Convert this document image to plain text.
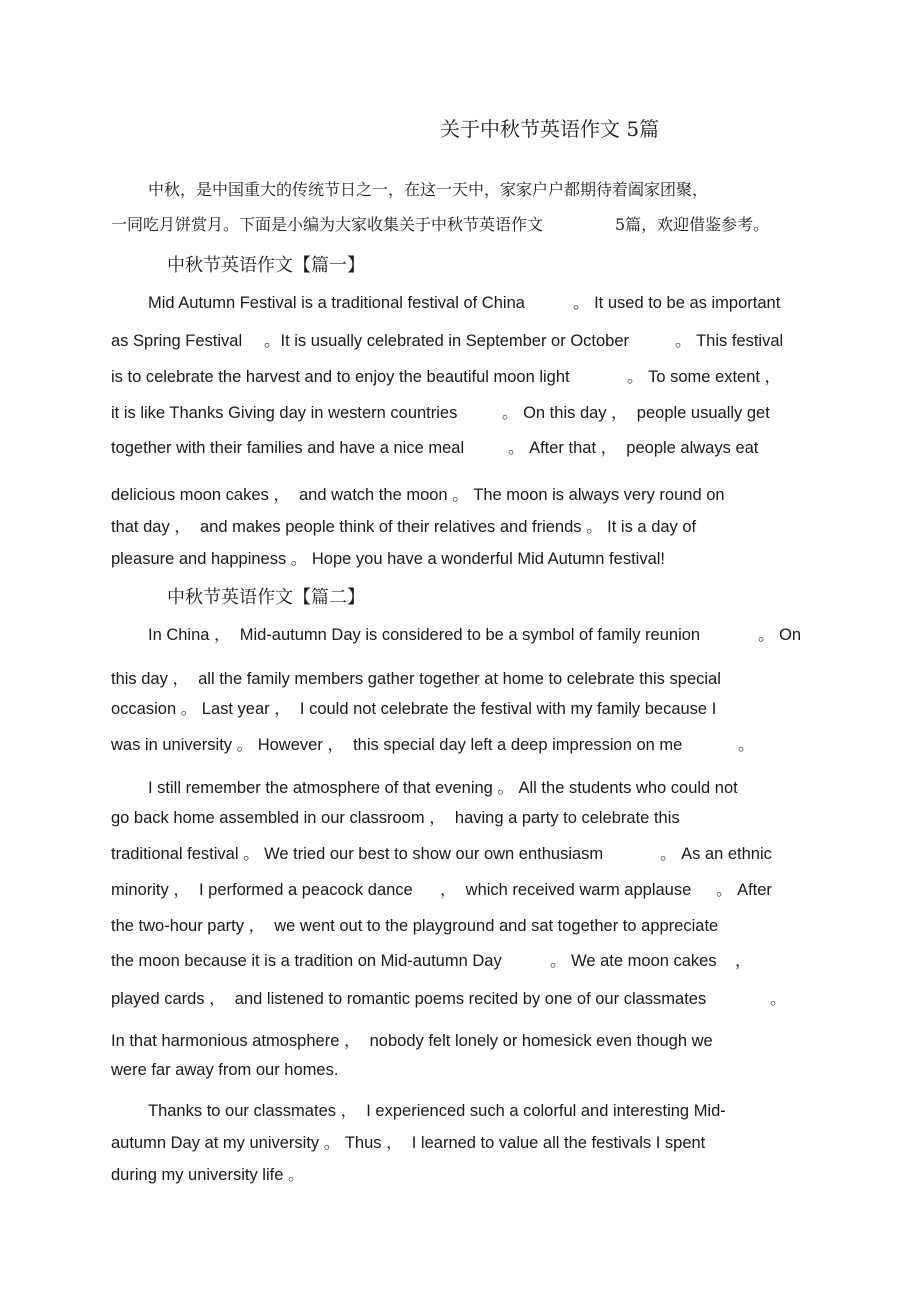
关于中秋节英语作文 5篇
中秋，是中国重大的传统节日之一，在这一天中，家家户户都期待着阖家团聚，
一同吃月饼赏月。下面是小编为大家收集关于中秋节英语作文	5篇，欢迎借鉴参考。
中秋节英语作文【篇一】
Mid Autumn Festival is a traditional festival of China	。 It used to be as important
as Spring Festival 。It is usually celebrated in September or October	。 This festival
is to celebrate the harvest and to enjoy the beautiful moon light	。 To some extent ，
it is like Thanks Giving day in western countries	。 On this day ，  people usually get
together with their families and have a nice meal	。 After that ，  people always eat
delicious moon cakes ，  and watch the moon 。 The moon is always very round on
that day ，  and makes people think of their relatives and friends 。 It is a day of
pleasure and happiness 。 Hope you have a wonderful Mid Autumn festival!
中秋节英语作文【篇二】
In China ，  Mid-autumn Day is considered to be a symbol of family reunion	。 On
this day ，  all the family members gather together at home to celebrate this special
occasion 。 Last year ，  I could not celebrate the festival with my family because I
was in university 。 However ，  this special day left a deep impression on me	。
I still remember the atmosphere of that evening 。 All the students who could not
go back home assembled in our classroom ，  having a party to celebrate this
traditional festival 。 We tried our best to show our own enthusiasm	。 As an ethnic
minority ，  I performed a peacock dance ，  which received warm applause 。 After
the two-hour party ，  we went out to the playground and sat together to appreciate
the moon because it is a tradition on Mid-autumn Day	。 We ate moon cakes ，
played cards ，  and listened to romantic poems recited by one of our classmates	。
In that harmonious atmosphere ，  nobody felt lonely or homesick even though we
were far away from our homes.
Thanks to our classmates ，  I experienced such a colorful and interesting Mid-
autumn Day at my university 。 Thus ，  I learned to value all the festivals I spent
during my university life 。
